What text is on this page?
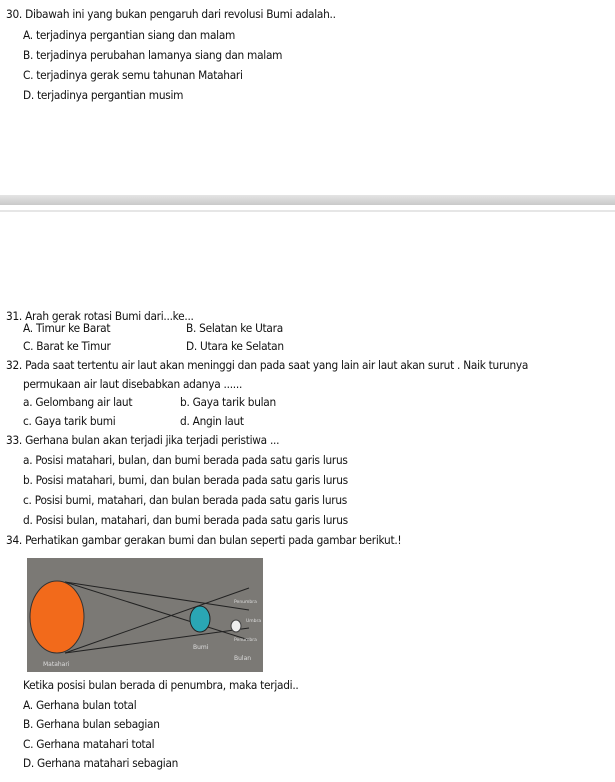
30. Dibawah ini yang bukan pengaruh dari revolusi Bumi adalah..
A. terjadinya pergantian siang dan malam
B. terjadinya perubahan lamanya siang dan malam
C. terjadinya gerak semu tahunan Matahari
D. terjadinya pergantian musim
31. Arah gerak rotasi Bumi dari...ke...
A. Timur ke Barat	B. Selatan ke Utara
C. Barat ke Timur	D. Utara ke Selatan
32. Pada saat tertentu air laut akan meninggi dan pada saat yang lain air laut akan surut . Naik turunya
permukaan air laut disebabkan adanya ......
a. Gelombang air laut	b. Gaya tarik bulan
c. Gaya tarik bumi	d. Angin laut
33. Gerhana bulan akan terjadi jika terjadi peristiwa ...
a. Posisi matahari, bulan, dan bumi berada pada satu garis lurus
b. Posisi matahari, bumi, dan bulan berada pada satu garis lurus
c. Posisi bumi, matahari, dan bulan berada pada satu garis lurus
d. Posisi bulan, matahari, dan bumi berada pada satu garis lurus
34. Perhatikan gambar gerakan bumi dan bulan seperti pada gambar berikut.!
Matahari
Bumi
Bulan
Penumbra
Umbra
Penumbra
Ketika posisi bulan berada di penumbra, maka terjadi..
A. Gerhana bulan total
B. Gerhana bulan sebagian
C. Gerhana matahari total
D. Gerhana matahari sebagian
